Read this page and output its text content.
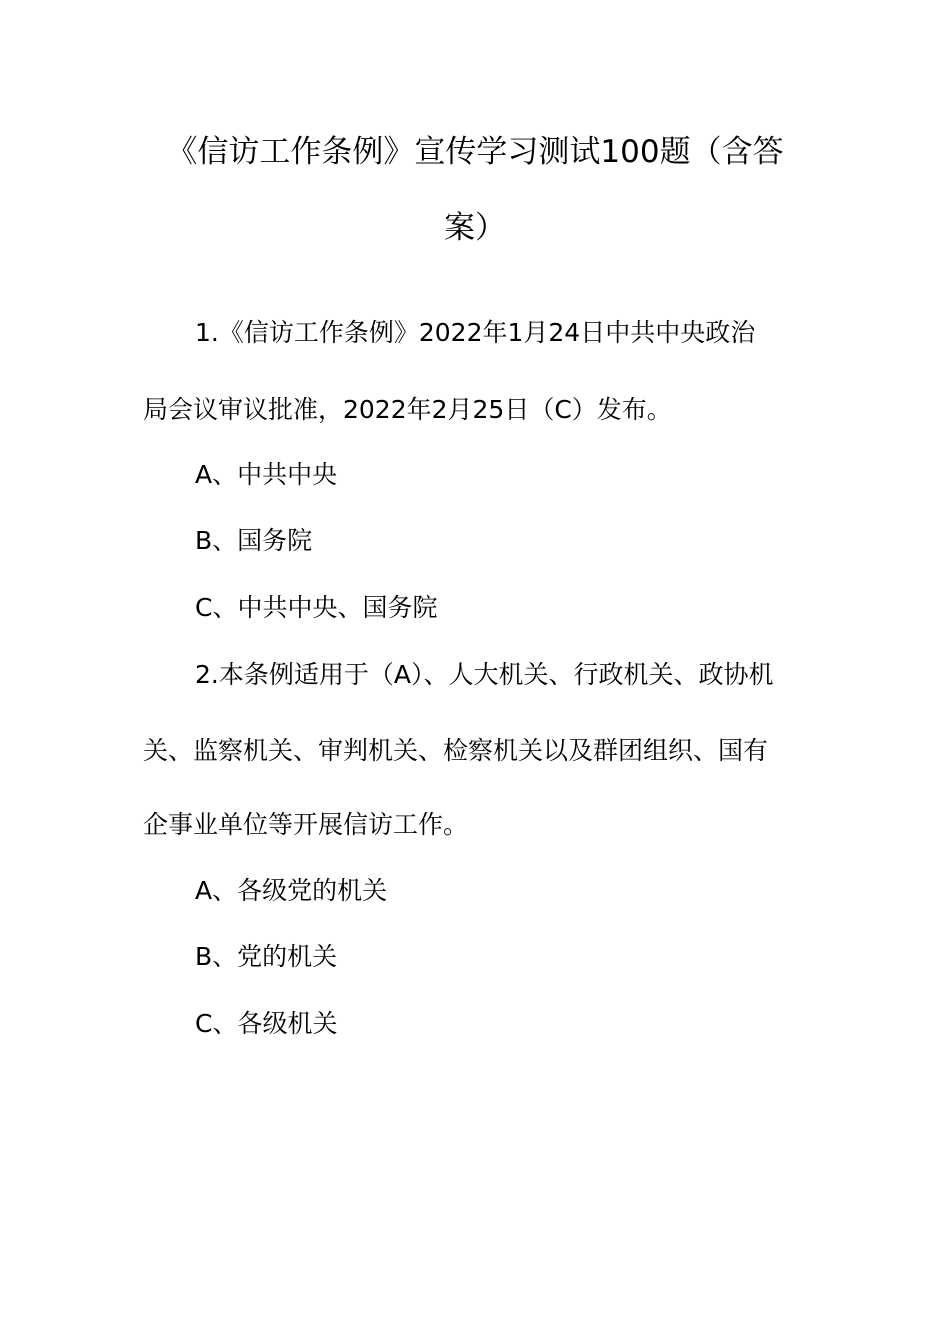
《信访工作条例》宣传学习测试100题（含答
案）
1.《信访工作条例》2022年1月24日中共中央政治
局会议审议批准，2022年2月25日（C）发布。
A、中共中央
B、国务院
C、中共中央、国务院
2.本条例适用于（A）、人大机关、行政机关、政协机
关、监察机关、审判机关、检察机关以及群团组织、国有
企事业单位等开展信访工作。
A、各级党的机关
B、党的机关
C、各级机关
